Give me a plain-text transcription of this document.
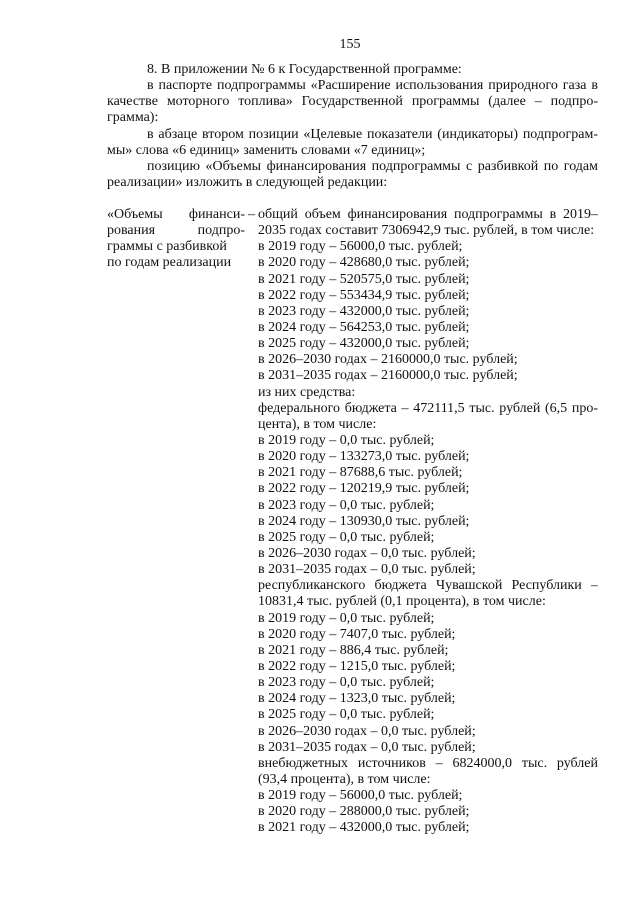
155
8. В приложении № 6 к Государственной программе:
в паспорте подпрограммы «Расширение использования природного газа в
качестве моторного топлива» Государственной программы (далее – подпро-
грамма):
в абзаце втором позиции «Целевые показатели (индикаторы) подпрограм-
мы» слова «6 единиц» заменить словами «7 единиц»;
позицию «Объемы финансирования подпрограммы с разбивкой по годам
реализации» изложить в следующей редакции:
«Объемы финанси-
рования подпро-
граммы с разбивкой
по годам реализации
– общий объем финансирования подпрограммы в 2019–
2035 годах составит 7306942,9 тыс. рублей, в том числе:
в 2019 году – 56000,0 тыс. рублей;
в 2020 году – 428680,0 тыс. рублей;
в 2021 году – 520575,0 тыс. рублей;
в 2022 году – 553434,9 тыс. рублей;
в 2023 году – 432000,0 тыс. рублей;
в 2024 году – 564253,0 тыс. рублей;
в 2025 году – 432000,0 тыс. рублей;
в 2026–2030 годах – 2160000,0 тыс. рублей;
в 2031–2035 годах – 2160000,0 тыс. рублей;
из них средства:
федерального бюджета – 472111,5 тыс. рублей (6,5 про-
цента), в том числе:
в 2019 году – 0,0 тыс. рублей;
в 2020 году – 133273,0 тыс. рублей;
в 2021 году – 87688,6 тыс. рублей;
в 2022 году – 120219,9 тыс. рублей;
в 2023 году – 0,0 тыс. рублей;
в 2024 году – 130930,0 тыс. рублей;
в 2025 году – 0,0 тыс. рублей;
в 2026–2030 годах – 0,0 тыс. рублей;
в 2031–2035 годах – 0,0 тыс. рублей;
республиканского бюджета Чувашской Республики –
10831,4 тыс. рублей (0,1 процента), в том числе:
в 2019 году – 0,0 тыс. рублей;
в 2020 году – 7407,0 тыс. рублей;
в 2021 году – 886,4 тыс. рублей;
в 2022 году – 1215,0 тыс. рублей;
в 2023 году – 0,0 тыс. рублей;
в 2024 году – 1323,0 тыс. рублей;
в 2025 году – 0,0 тыс. рублей;
в 2026–2030 годах – 0,0 тыс. рублей;
в 2031–2035 годах – 0,0 тыс. рублей;
внебюджетных источников – 6824000,0 тыс. рублей
(93,4 процента), в том числе:
в 2019 году – 56000,0 тыс. рублей;
в 2020 году – 288000,0 тыс. рублей;
в 2021 году – 432000,0 тыс. рублей;
